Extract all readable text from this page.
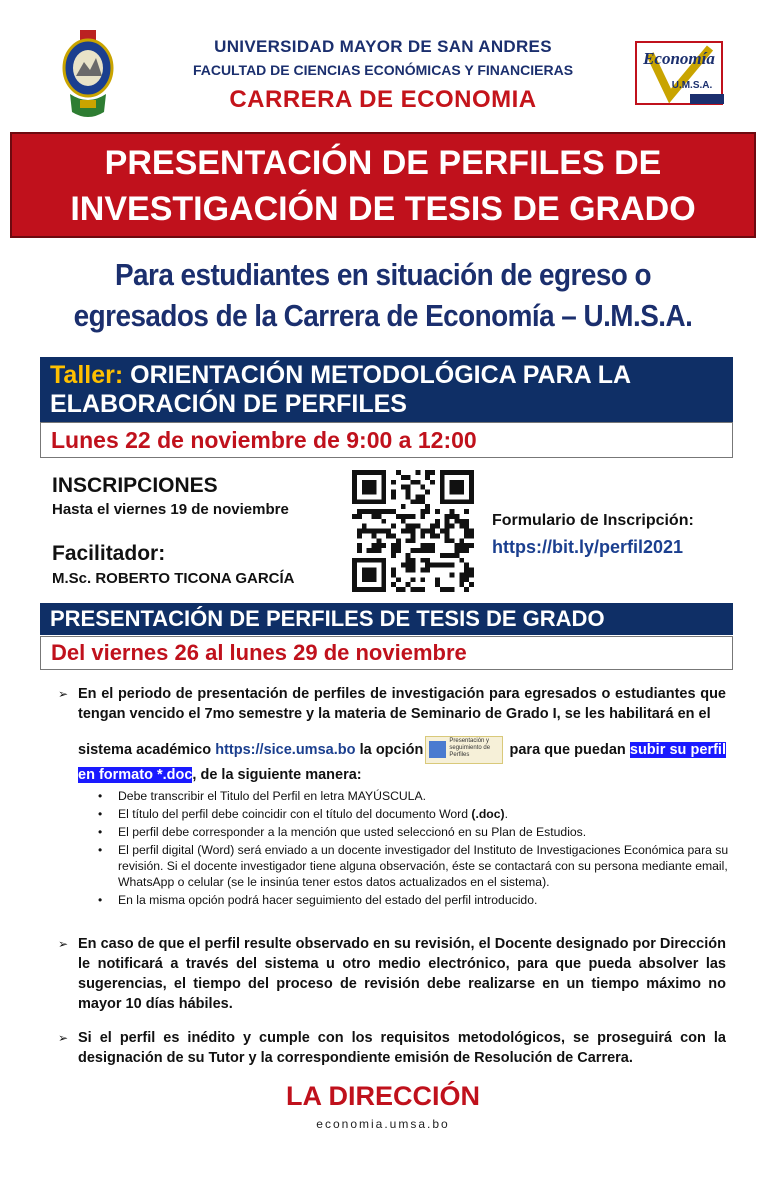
Economía
U.M.S.A.
UNIVERSIDAD MAYOR DE SAN ANDRES
FACULTAD DE CIENCIAS ECONÓMICAS Y FINANCIERAS
CARRERA DE ECONOMIA
PRESENTACIÓN DE PERFILES DE
INVESTIGACIÓN DE TESIS DE GRADO
Para estudiantes en situación de egreso o
egresados de la Carrera de Economía – U.M.S.A.
Taller: ORIENTACIÓN METODOLÓGICA PARA LA
ELABORACIÓN DE PERFILES
Lunes 22 de noviembre de 9:00 a 12:00
INSCRIPCIONES
Hasta el viernes 19 de noviembre
Facilitador:
M.Sc. ROBERTO TICONA GARCÍA
Formulario de Inscripción:
https://bit.ly/perfil2021
PRESENTACIÓN DE PERFILES DE TESIS DE GRADO
Del viernes 26 al lunes 29 de noviembre
➢ En el periodo de presentación de perfiles de investigación para egresados o estudiantes que tengan vencido el 7mo semestre y la materia de Seminario de Grado I, se les habilitará en el
sistema académico https://sice.umsa.bo la opción
Presentación y seguimiento de Perfiles	para que puedan subir su perfil en formato *.doc, de la siguiente manera:
• Debe transcribir el Titulo del Perfil en letra MAYÚSCULA.
• El título del perfil debe coincidir con el título del documento Word (.doc).
• El perfil debe corresponder a la mención que usted seleccionó en su Plan de Estudios.
• El perfil digital (Word) será enviado a un docente investigador del Instituto de Investigaciones Económica para su revisión. Si el docente investigador tiene alguna observación, éste se contactará con su persona mediante email, WhatsApp o celular (se le insinúa tener estos datos actualizados en el sistema).
• En la misma opción podrá hacer seguimiento del estado del perfil introducido.
➢ En caso de que el perfil resulte observado en su revisión, el Docente designado por Dirección le notificará a través del sistema u otro medio electrónico, para que pueda absolver las sugerencias, el tiempo del proceso de revisión debe realizarse en un tiempo máximo no mayor 10 días hábiles.
➢ Si el perfil es inédito y cumple con los requisitos metodológicos, se proseguirá con la designación de su Tutor y la correspondiente emisión de Resolución de Carrera.
LA DIRECCIÓN
economia.umsa.bo
